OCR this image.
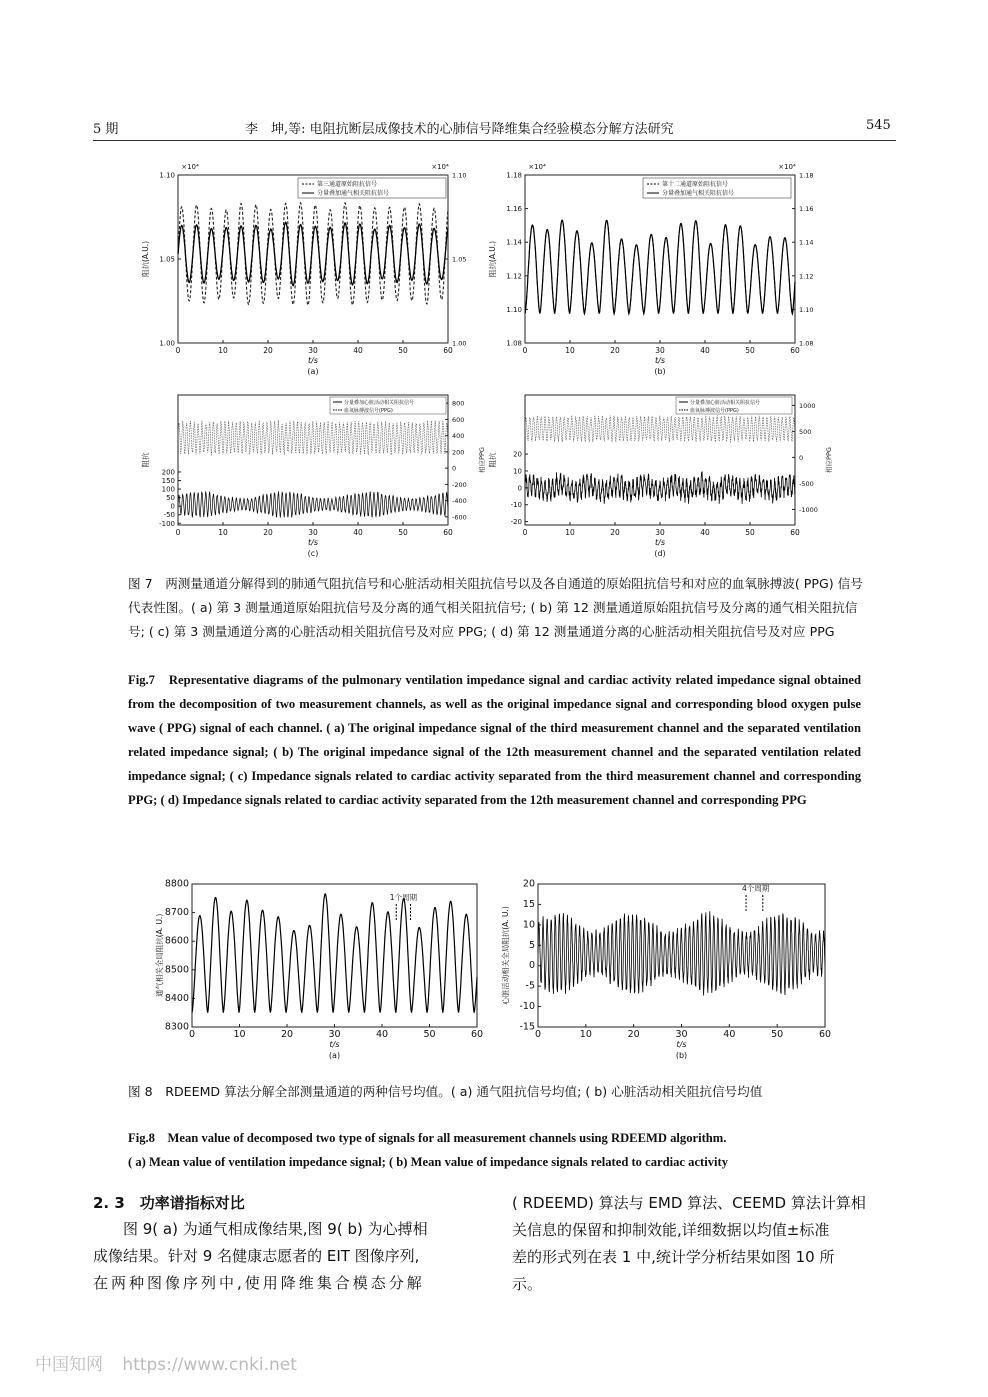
5 期	李　坤,等: 电阻抗断层成像技术的心肺信号降维集合经验模态分解方法研究	545
0	10	20	30	40	50	60
1.00
1.05
1.10
1.00
1.05
1.10
t/s
(a)
阻抗(A.U.)
×10⁴	×10⁴
第三通道原始阻抗信号
分量叠加通气相关阻抗信号
0	10	20	30	40	50	60
1.08
1.10
1.12
1.14
1.16
1.18
1.08
1.10
1.12
1.14
1.16
1.18
t/s
(b)
阻抗(A.U.)
×10⁴	×10⁴
第十二通道原始阻抗信号
分量叠加通气相关阻抗信号
0	10	20	30	40	50	60
-100
-50
0
50
100
150
200
-600
-400
-200
0
200
400
600
800
t/s
(c)
阻抗	相应PPG
分量叠加心脏活动相关阻抗信号
血氧脉搏波信号(PPG)
0	10	20	30	40	50	60
-20
-10
0
10
20
-1000
-500
0
500
1000
t/s
(d)
阻抗	相应PPG
分量叠加心脏活动相关阻抗信号
血氧脉搏波信号(PPG)
图 7　两测量通道分解得到的肺通气阻抗信号和心脏活动相关阻抗信号以及各自通道的原始阻抗信号和对应的血氧脉搏波( PPG) 信号代表性图。( a) 第 3 测量通道原始阻抗信号及分离的通气相关阻抗信号; ( b) 第 12 测量通道原始阻抗信号及分离的通气相关阻抗信号; ( c) 第 3 测量通道分离的心脏活动相关阻抗信号及对应 PPG; ( d) 第 12 测量通道分离的心脏活动相关阻抗信号及对应 PPG
Fig.7　Representative diagrams of the pulmonary ventilation impedance signal and cardiac activity related impedance signal obtained from the decomposition of two measurement channels, as well as the original impedance signal and corresponding blood oxygen pulse wave ( PPG) signal of each channel. ( a) The original impedance signal of the third measurement channel and the separated ventilation related impedance signal; ( b) The original impedance signal of the 12th measurement channel and the separated ventilation related impedance signal; ( c) Impedance signals related to cardiac activity separated from the third measurement channel and corresponding PPG; ( d) Impedance signals related to cardiac activity separated from the 12th measurement channel and corresponding PPG
0	10	20	30	40	50	60
8300
8400
8500
8600
8700
8800
t/s
(a)
通气相关全局阻抗(A. U.)
1个周期
0	10	20	30	40	50	60
-15
-10
-5
0
5
10
15
20
t/s
(b)
心脏活动相关全局阻抗(A. U.)
4个周期
图 8　RDEEMD 算法分解全部测量通道的两种信号均值。( a) 通气阻抗信号均值; ( b) 心脏活动相关阻抗信号均值
Fig.8　Mean value of decomposed two type of signals for all measurement channels using RDEEMD algorithm.
( a) Mean value of ventilation impedance signal; ( b) Mean value of impedance signals related to cardiac activity
2. 3　功率谱指标对比
图 9( a) 为通气相成像结果,图 9( b) 为心搏相
成像结果。针对 9 名健康志愿者的 EIT 图像序列,
在两种图像序列中,使用降维集合模态分解
( RDEEMD) 算法与 EMD 算法、CEEMD 算法计算相
关信息的保留和抑制效能,详细数据以均值±标准
差的形式列在表 1 中,统计学分析结果如图 10 所
示。
中国知网 https://www.cnki.net
